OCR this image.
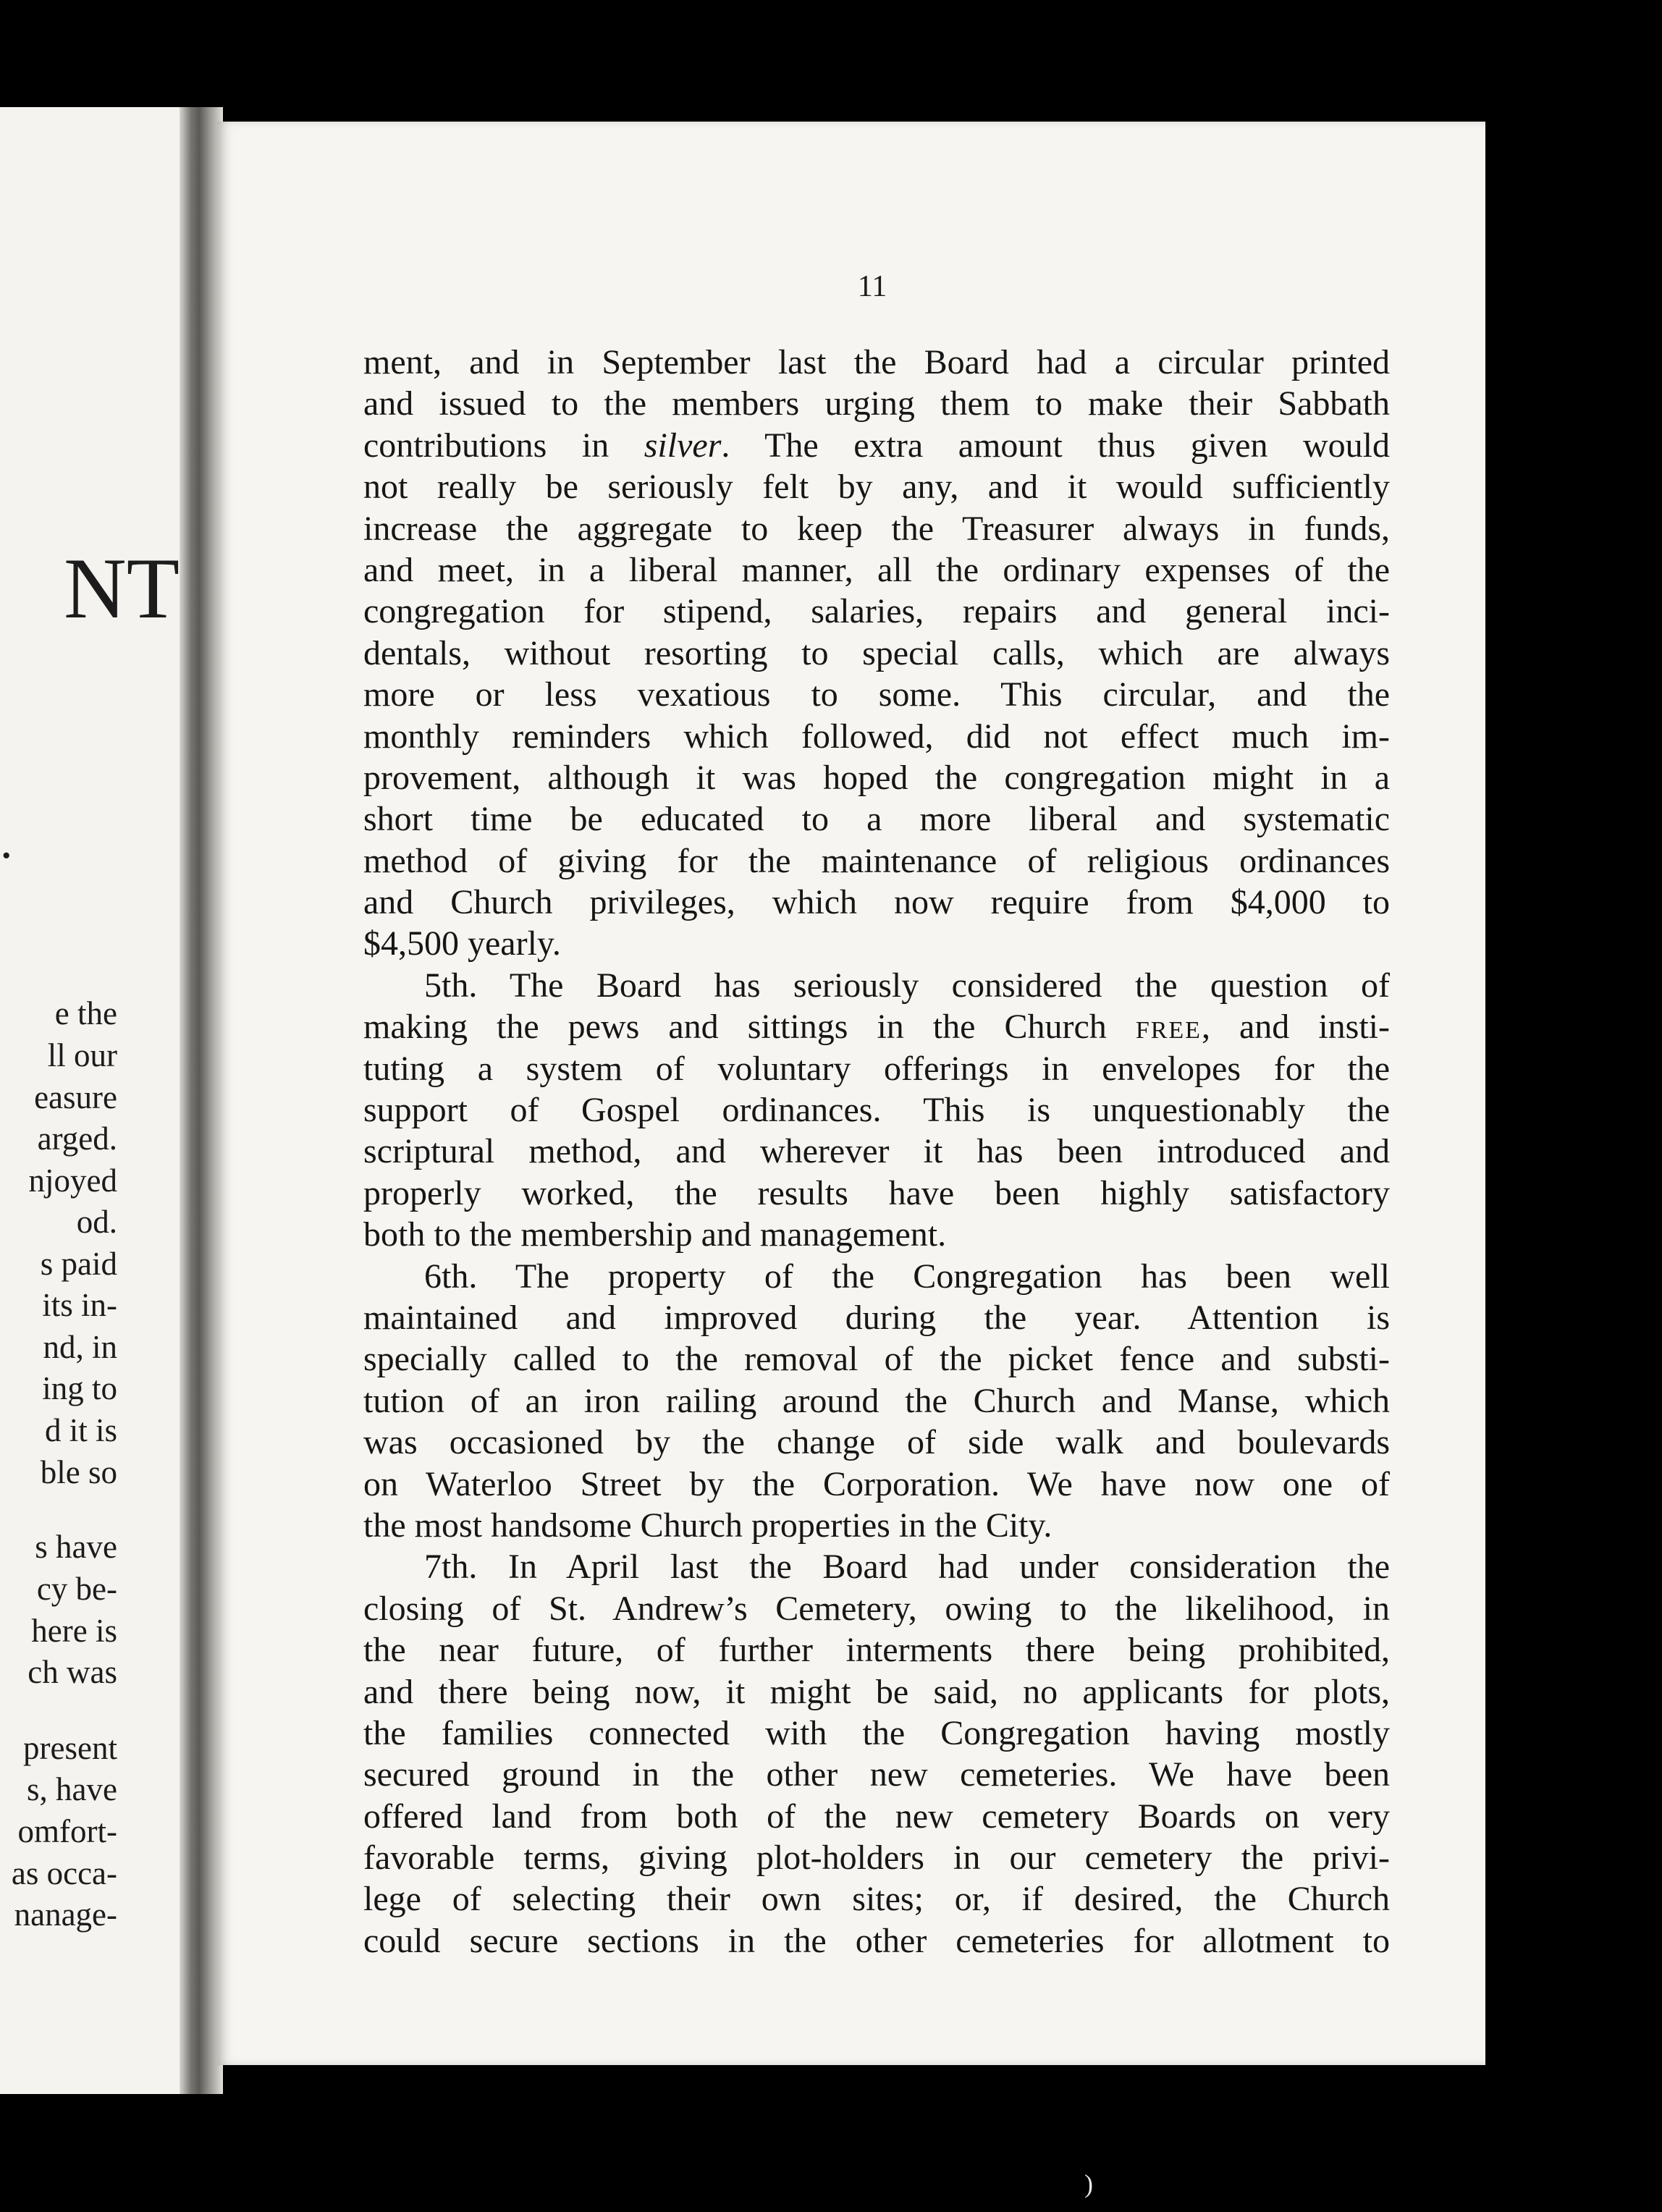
NT
.
e the
ll our
easure
arged.
njoyed
od.
s paid
its in-
nd, in
ing to
d it is
ble so
s have
cy be-
here is
ch was
present
s, have
omfort-
as occa-
nanage-
11
ment, and in September last the Board had a circular printed
and issued to the members urging them to make their Sabbath
contributions in silver. The extra amount thus given would
not really be seriously felt by any, and it would sufficiently
increase the aggregate to keep the Treasurer always in funds,
and meet, in a liberal manner, all the ordinary expenses of the
congregation for stipend, salaries, repairs and general inci-
dentals, without resorting to special calls, which are always
more or less vexatious to some. This circular, and the
monthly reminders which followed, did not effect much im-
provement, although it was hoped the congregation might in a
short time be educated to a more liberal and systematic
method of giving for the maintenance of religious ordinances
and Church privileges, which now require from $4,000 to
$4,500 yearly.
5th. The Board has seriously considered the question of
making the pews and sittings in the Church free, and insti-
tuting a system of voluntary offerings in envelopes for the
support of Gospel ordinances. This is unquestionably the
scriptural method, and wherever it has been introduced and
properly worked, the results have been highly satisfactory
both to the membership and management.
6th. The property of the Congregation has been well
maintained and improved during the year. Attention is
specially called to the removal of the picket fence and substi-
tution of an iron railing around the Church and Manse, which
was occasioned by the change of side walk and boulevards
on Waterloo Street by the Corporation. We have now one of
the most handsome Church properties in the City.
7th. In April last the Board had under consideration the
closing of St. Andrew’s Cemetery, owing to the likelihood, in
the near future, of further interments there being prohibited,
and there being now, it might be said, no applicants for plots,
the families connected with the Congregation having mostly
secured ground in the other new cemeteries. We have been
offered land from both of the new cemetery Boards on very
favorable terms, giving plot-holders in our cemetery the privi-
lege of selecting their own sites; or, if desired, the Church
could secure sections in the other cemeteries for allotment to
)
